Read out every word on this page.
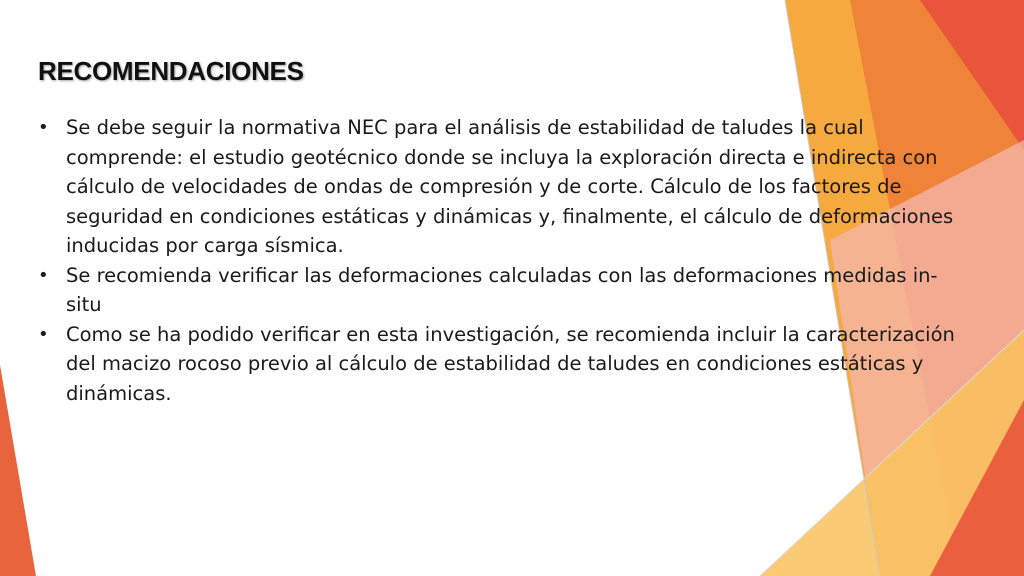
RECOMENDACIONES
• Se debe seguir la normativa NEC para el análisis de estabilidad de taludes la cual comprende: el estudio geotécnico donde se incluya la exploración directa e indirecta con cálculo de velocidades de ondas de compresión y de corte. Cálculo de los factores de seguridad en condiciones estáticas y dinámicas y, finalmente, el cálculo de deformaciones inducidas por carga sísmica.
• Se recomienda verificar las deformaciones calculadas con las deformaciones medidas in-situ
• Como se ha podido verificar en esta investigación, se recomienda incluir la caracterización del macizo rocoso previo al cálculo de estabilidad de taludes en condiciones estáticas y dinámicas.
